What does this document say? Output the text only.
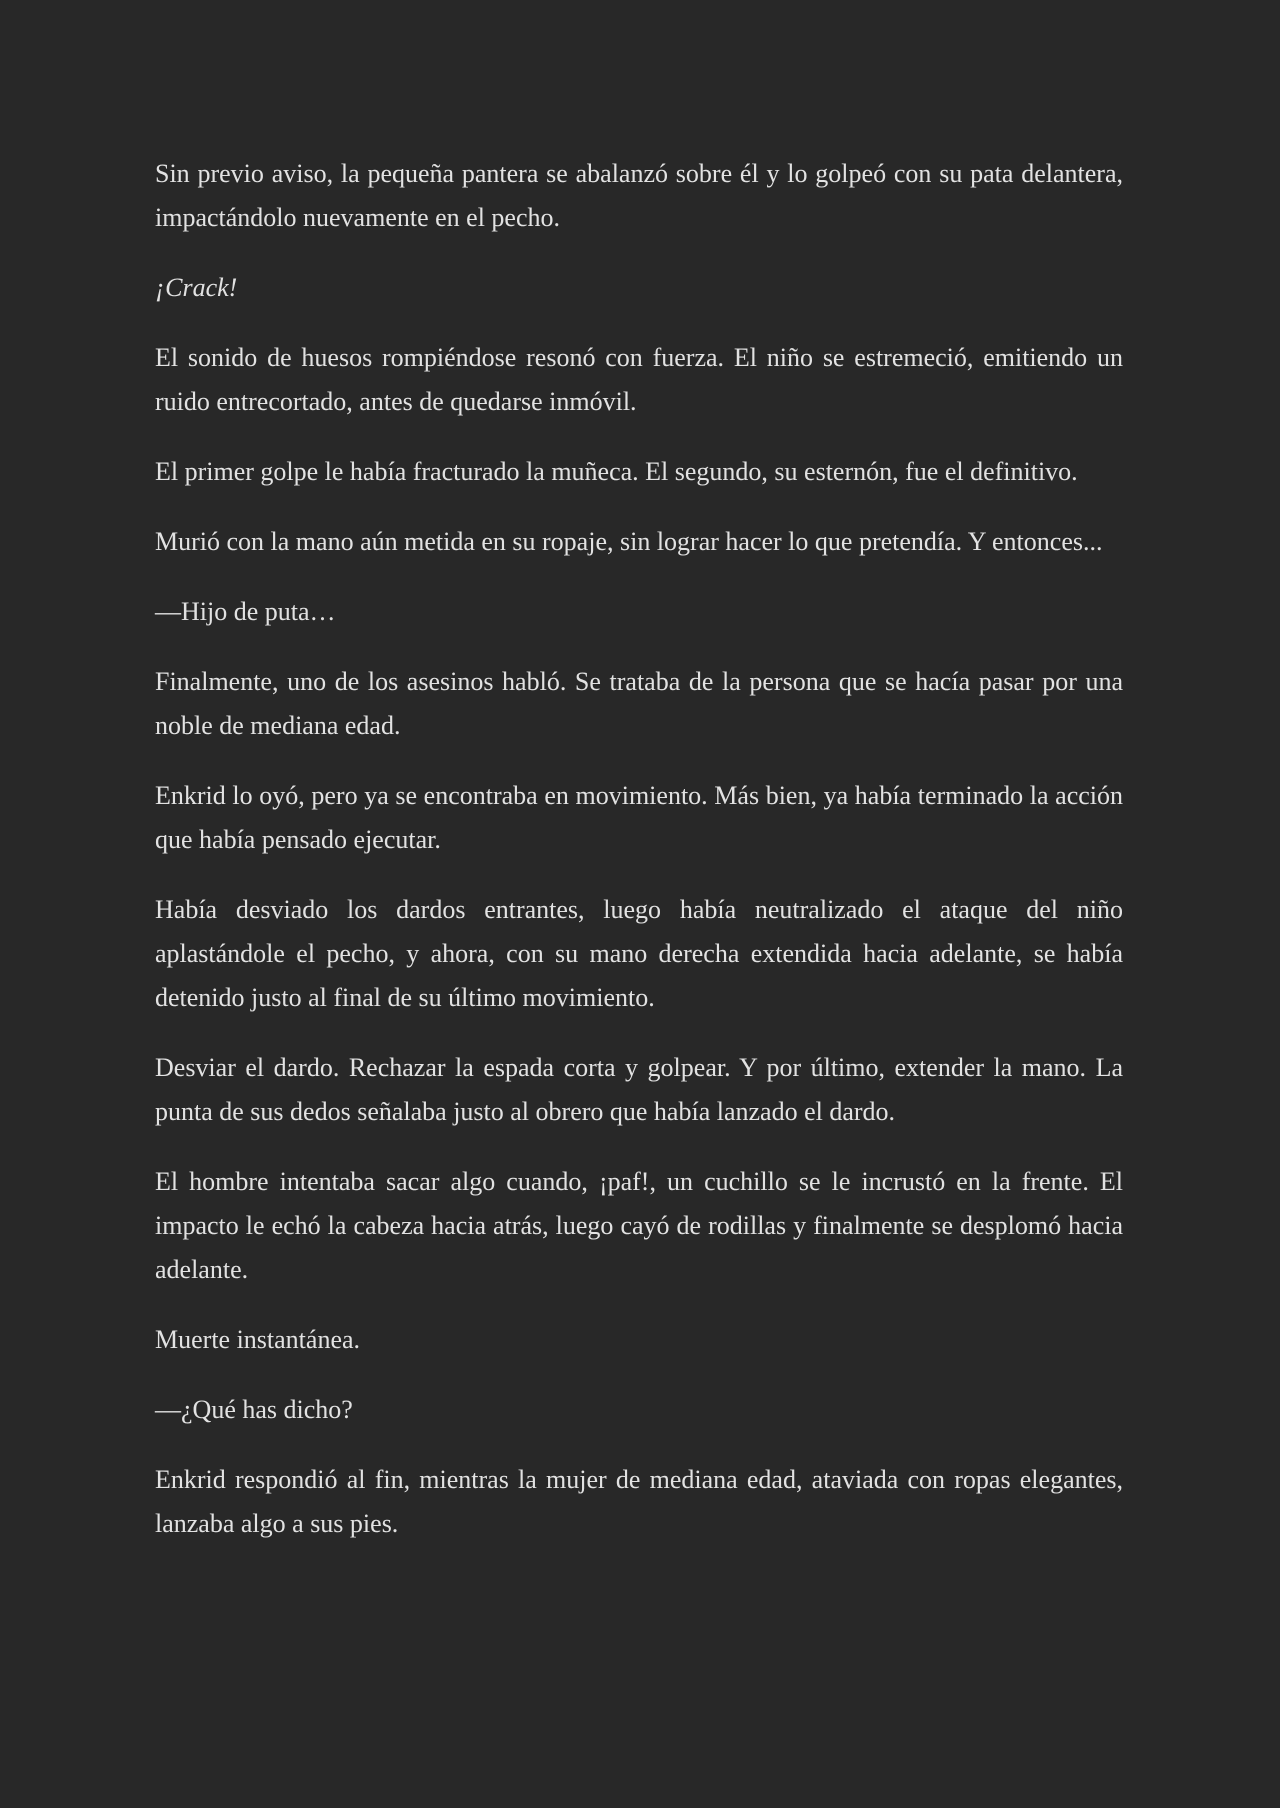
Sin previo aviso, la pequeña pantera se abalanzó sobre él y lo golpeó con su pata delantera, impactándolo nuevamente en el pecho.

¡Crack!

El sonido de huesos rompiéndose resonó con fuerza. El niño se estremeció, emitiendo un ruido entrecortado, antes de quedarse inmóvil.

El primer golpe le había fracturado la muñeca. El segundo, su esternón, fue el definitivo.

Murió con la mano aún metida en su ropaje, sin lograr hacer lo que pretendía. Y entonces...

—Hijo de puta…

Finalmente, uno de los asesinos habló. Se trataba de la persona que se hacía pasar por una noble de mediana edad.

Enkrid lo oyó, pero ya se encontraba en movimiento. Más bien, ya había terminado la acción que había pensado ejecutar.

Había desviado los dardos entrantes, luego había neutralizado el ataque del niño aplastándole el pecho, y ahora, con su mano derecha extendida hacia adelante, se había detenido justo al final de su último movimiento.

Desviar el dardo. Rechazar la espada corta y golpear. Y por último, extender la mano. La punta de sus dedos señalaba justo al obrero que había lanzado el dardo.

El hombre intentaba sacar algo cuando, ¡paf!, un cuchillo se le incrustó en la frente. El impacto le echó la cabeza hacia atrás, luego cayó de rodillas y finalmente se desplomó hacia adelante.

Muerte instantánea.

—¿Qué has dicho?

Enkrid respondió al fin, mientras la mujer de mediana edad, ataviada con ropas elegantes, lanzaba algo a sus pies.
